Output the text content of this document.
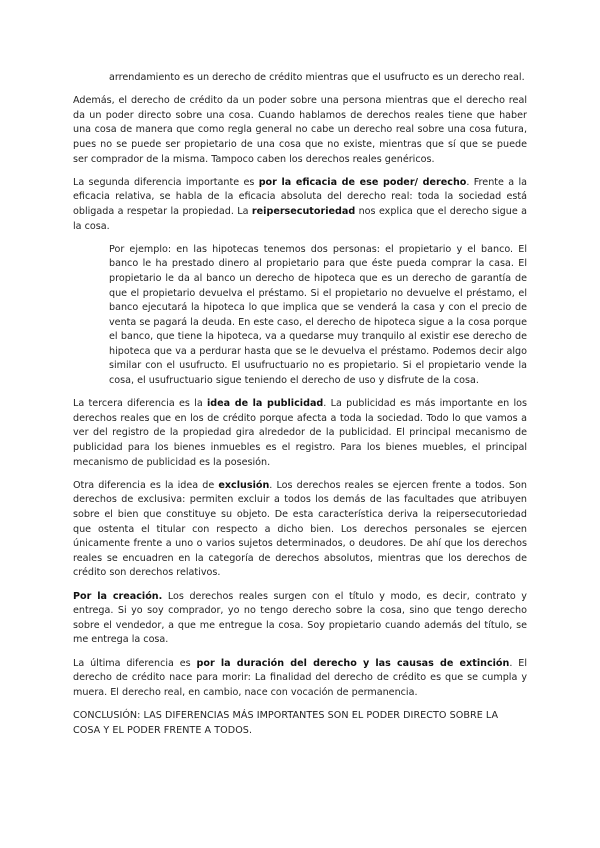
arrendamiento es un derecho de crédito mientras que el usufructo es un derecho real.

Además, el derecho de crédito da un poder sobre una persona mientras que el derecho real da un poder directo sobre una cosa. Cuando hablamos de derechos reales tiene que haber una cosa de manera que como regla general no cabe un derecho real sobre una cosa futura, pues no se puede ser propietario de una cosa que no existe, mientras que sí que se puede ser comprador de la misma. Tampoco caben los derechos reales genéricos.

La segunda diferencia importante es por la eficacia de ese poder/ derecho. Frente a la eficacia relativa, se habla de la eficacia absoluta del derecho real: toda la sociedad está obligada a respetar la propiedad. La reipersecutoriedad nos explica que el derecho sigue a la cosa.

Por ejemplo: en las hipotecas tenemos dos personas: el propietario y el banco. El banco le ha prestado dinero al propietario para que éste pueda comprar la casa. El propietario le da al banco un derecho de hipoteca que es un derecho de garantía de que el propietario devuelva el préstamo. Si el propietario no devuelve el préstamo, el banco ejecutará la hipoteca lo que implica que se venderá la casa y con el precio de venta se pagará la deuda. En este caso, el derecho de hipoteca sigue a la cosa porque el banco, que tiene la hipoteca, va a quedarse muy tranquilo al existir ese derecho de hipoteca que va a perdurar hasta que se le devuelva el préstamo. Podemos decir algo similar con el usufructo. El usufructuario no es propietario. Si el propietario vende la cosa, el usufructuario sigue teniendo el derecho de uso y disfrute de la cosa.

La tercera diferencia es la idea de la publicidad. La publicidad es más importante en los derechos reales que en los de crédito porque afecta a toda la sociedad. Todo lo que vamos a ver del registro de la propiedad gira alrededor de la publicidad. El principal mecanismo de publicidad para los bienes inmuebles es el registro. Para los bienes muebles, el principal mecanismo de publicidad es la posesión.

Otra diferencia es la idea de exclusión. Los derechos reales se ejercen frente a todos. Son derechos de exclusiva: permiten excluir a todos los demás de las facultades que atribuyen sobre el bien que constituye su objeto. De esta característica deriva la reipersecutoriedad que ostenta el titular con respecto a dicho bien. Los derechos personales se ejercen únicamente frente a uno o varios sujetos determinados, o deudores. De ahí que los derechos reales se encuadren en la categoría de derechos absolutos, mientras que los derechos de crédito son derechos relativos.

Por la creación. Los derechos reales surgen con el título y modo, es decir, contrato y entrega. Si yo soy comprador, yo no tengo derecho sobre la cosa, sino que tengo derecho sobre el vendedor, a que me entregue la cosa. Soy propietario cuando además del título, se me entrega la cosa.

La última diferencia es por la duración del derecho y las causas de extinción. El derecho de crédito nace para morir: La finalidad del derecho de crédito es que se cumpla y muera. El derecho real, en cambio, nace con vocación de permanencia.

CONCLUSIÓN: LAS DIFERENCIAS MÁS IMPORTANTES SON EL PODER DIRECTO SOBRE LA COSA Y EL PODER FRENTE A TODOS.
